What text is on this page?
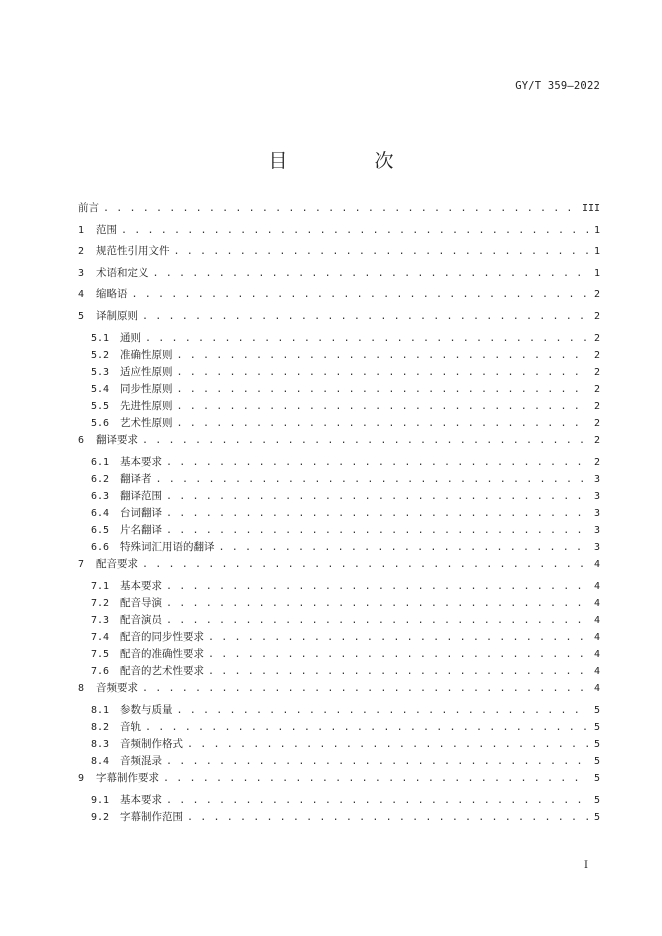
GY/T 359—2022
目　次
前言 . . .	III
1	范围 . . .	1
2	规范性引用文件 . . .	1
3	术语和定义 . . .	1
4	缩略语 . . .	2
5	译制原则 . . .	2
5.1	通则 . . .	2
5.2	准确性原则 . . .	2
5.3	适应性原则 . . .	2
5.4	同步性原则 . . .	2
5.5	先进性原则 . . .	2
5.6	艺术性原则 . . .	2
6	翻译要求 . . .	2
6.1	基本要求 . . .	2
6.2	翻译者 . . .	3
6.3	翻译范围 . . .	3
6.4	台词翻译 . . .	3
6.5	片名翻译 . . .	3
6.6	特殊词汇用语的翻译 . . .	3
7	配音要求 . . .	4
7.1	基本要求 . . .	4
7.2	配音导演 . . .	4
7.3	配音演员 . . .	4
7.4	配音的同步性要求 . . .	4
7.5	配音的准确性要求 . . .	4
7.6	配音的艺术性要求 . . .	4
8	音频要求 . . .	4
8.1	参数与质量 . . .	5
8.2	音轨 . . .	5
8.3	音频制作格式 . . .	5
8.4	音频混录 . . .	5
9	字幕制作要求 . . .	5
9.1	基本要求 . . .	5
9.2	字幕制作范围 . . .	5
I
